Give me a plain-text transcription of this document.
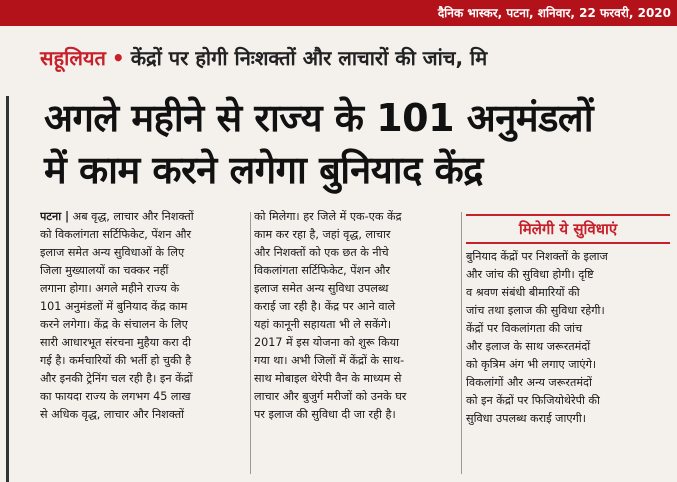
दैनिक भास्कर, पटना, शनिवार, 22 फरवरी, 2020
सहूलियत • केंद्रों पर होगी निःशक्तों और लाचारों की जांच, मि
अगले महीने से राज्य के 101 अनुमंडलों
में काम करने लगेगा बुनियाद केंद्र
पटना | अब वृद्ध, लाचार और निशक्तों
को विकलांगता सर्टिफिकेट, पेंशन और
इलाज समेत अन्य सुविधाओं के लिए
जिला मुख्यालयों का चक्कर नहीं
लगाना होगा। अगले महीने राज्य के
101 अनुमंडलों में बुनियाद केंद्र काम
करने लगेगा। केंद्र के संचालन के लिए
सारी आधारभूत संरचना मुहैया करा दी
गई है। कर्मचारियों की भर्ती हो चुकी है
और इनकी ट्रेनिंग चल रही है। इन केंद्रों
का फायदा राज्य के लगभग 45 लाख
से अधिक वृद्ध, लाचार और निशक्तों
को मिलेगा। हर जिले में एक-एक केंद्र
काम कर रहा है, जहां वृद्ध, लाचार
और निशक्तों को एक छत के नीचे
विकलांगता सर्टिफिकेट, पेंशन और
इलाज समेत अन्य सुविधा उपलब्ध
कराई जा रही है। केंद्र पर आने वाले
यहां कानूनी सहायता भी ले सकेंगे।
2017 में इस योजना को शुरू किया
गया था। अभी जिलों में केंद्रों के साथ-
साथ मोबाइल थेरेपी वैन के माध्यम से
लाचार और बुजुर्ग मरीजों को उनके घर
पर इलाज की सुविधा दी जा रही है।
मिलेगी ये सुविधाएं
बुनियाद केंद्रों पर निशक्तों के इलाज
और जांच की सुविधा होगी। दृष्टि
व श्रवण संबंधी बीमारियों की
जांच तथा इलाज की सुविधा रहेगी।
केंद्रों पर विकलांगता की जांच
और इलाज के साथ जरूरतमंदों
को कृत्रिम अंग भी लगाए जाएंगे।
विकलांगों और अन्य जरूरतमंदों
को इन केंद्रों पर फिजियोथेरेपी की
सुविधा उपलब्ध कराई जाएगी।
